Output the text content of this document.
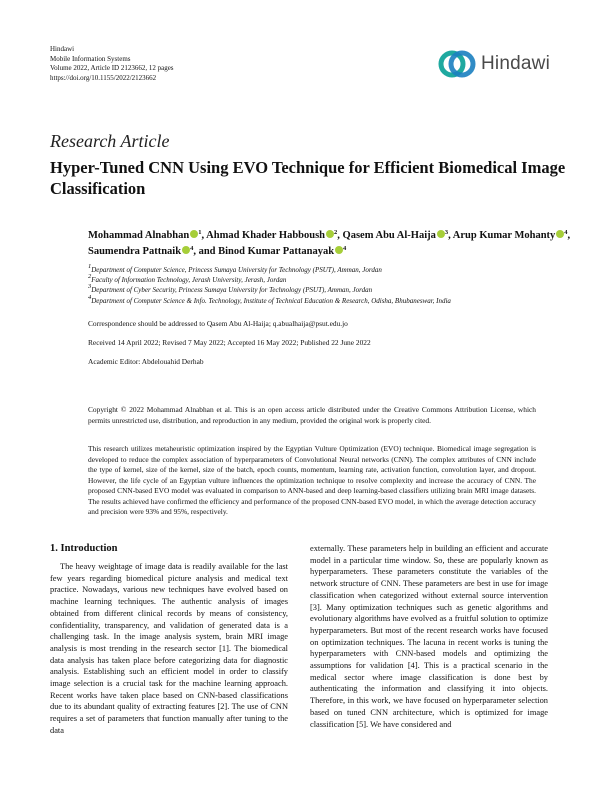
Hindawi
Mobile Information Systems
Volume 2022, Article ID 2123662, 12 pages
https://doi.org/10.1155/2022/2123662
Hindawi
Research Article
Hyper-Tuned CNN Using EVO Technique for Efficient Biomedical Image Classification
Mohammad Alnabhan $^1$, Ahmad Khader Habboush $^2$, Qasem Abu Al-Haija $^3$, Arup Kumar Mohanty $^4$, Saumendra Pattnaik $^4$, and Binod Kumar Pattanayak $^4$
$^1$Department of Computer Science, Princess Sumaya University for Technology (PSUT), Amman, Jordan
$^2$Faculty of Information Technology, Jerash University, Jerash, Jordan
$^3$Department of Cyber Security, Princess Sumaya University for Technology (PSUT), Amman, Jordan
$^4$Department of Computer Science & Info. Technology, Institute of Technical Education & Research, Odisha, Bhubaneswar, India
Correspondence should be addressed to Qasem Abu Al-Haija; q.abualhaija@psut.edu.jo
Received 14 April 2022; Revised 7 May 2022; Accepted 16 May 2022; Published 22 June 2022
Academic Editor: Abdelouahid Derhab
Copyright © 2022 Mohammad Alnabhan et al. This is an open access article distributed under the Creative Commons Attribution License, which permits unrestricted use, distribution, and reproduction in any medium, provided the original work is properly cited.
This research utilizes metaheuristic optimization inspired by the Egyptian Vulture Optimization (EVO) technique. Biomedical image segregation is developed to reduce the complex association of hyperparameters of Convolutional Neural networks (CNN). The complex attributes of CNN include the type of kernel, size of the kernel, size of the batch, epoch counts, momentum, learning rate, activation function, convolution layer, and dropout. However, the life cycle of an Egyptian vulture influences the optimization technique to resolve complexity and increase the accuracy of CNN. The proposed CNN-based EVO model was evaluated in comparison to ANN-based and deep learning-based classifiers utilizing brain MRI image datasets. The results achieved have confirmed the efficiency and performance of the proposed CNN-based EVO model, in which the average detection accuracy and precision were 93% and 95%, respectively.
1. Introduction
The heavy weightage of image data is readily available for the last few years regarding biomedical picture analysis and medical text practice. Nowadays, various new techniques have evolved based on machine learning techniques. The authentic analysis of images obtained from different clinical records by means of consistency, confidentiality, transparency, and validation of generated data is a challenging task. In the image analysis system, brain MRI image analysis is most trending in the research sector [1]. The biomedical data analysis has taken place before categorizing data for diagnostic analysis. Establishing such an efficient model in order to classify image selection is a crucial task for the machine learning approach. Recent works have taken place based on CNN-based classifications due to its abundant quality of extracting features [2]. The use of CNN requires a set of parameters that function manually after tuning to the data
externally. These parameters help in building an efficient and accurate model in a particular time window. So, these are popularly known as hyperparameters. These parameters constitute the variables of the network structure of CNN. These parameters are best in use for image classification when categorized without external source intervention [3]. Many optimization techniques such as genetic algorithms and evolutionary algorithms have evolved as a fruitful solution to optimize hyperparameters. But most of the recent research works have focused on optimization techniques. The lacuna in recent works is tuning the hyperparameters with CNN-based models and optimizing the assumptions for validation [4]. This is a practical scenario in the medical sector where image classification is done best by authenticating the information and classifying it into objects. Therefore, in this work, we have focused on hyperparameter selection based on tuned CNN architecture, which is optimized for image classification [5]. We have considered and
